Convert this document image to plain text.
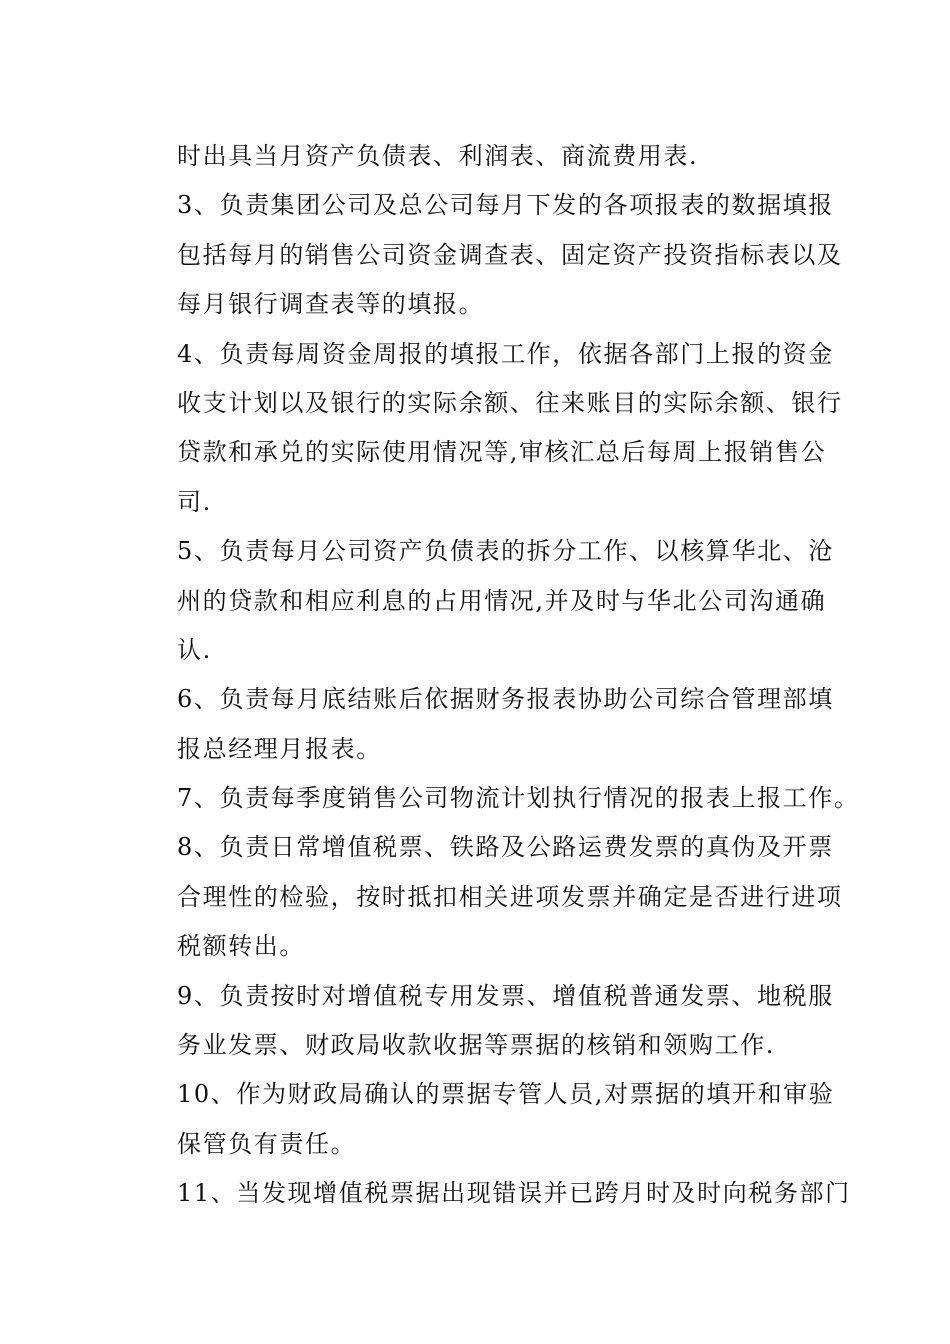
时出具当月资产负债表、利润表、商流费用表.
3、负责集团公司及总公司每月下发的各项报表的数据填报
包括每月的销售公司资金调查表、固定资产投资指标表以及
每月银行调查表等的填报。
4、负责每周资金周报的填报工作，依据各部门上报的资金
收支计划以及银行的实际余额、往来账目的实际余额、银行
贷款和承兑的实际使用情况等,审核汇总后每周上报销售公
司.
5、负责每月公司资产负债表的拆分工作、以核算华北、沧
州的贷款和相应利息的占用情况,并及时与华北公司沟通确
认.
6、负责每月底结账后依据财务报表协助公司综合管理部填
报总经理月报表。
7、负责每季度销售公司物流计划执行情况的报表上报工作。
8、负责日常增值税票、铁路及公路运费发票的真伪及开票
合理性的检验，按时抵扣相关进项发票并确定是否进行进项
税额转出。
9、负责按时对增值税专用发票、增值税普通发票、地税服
务业发票、财政局收款收据等票据的核销和领购工作.
10、作为财政局确认的票据专管人员,对票据的填开和审验
保管负有责任。
11、当发现增值税票据出现错误并已跨月时及时向税务部门
